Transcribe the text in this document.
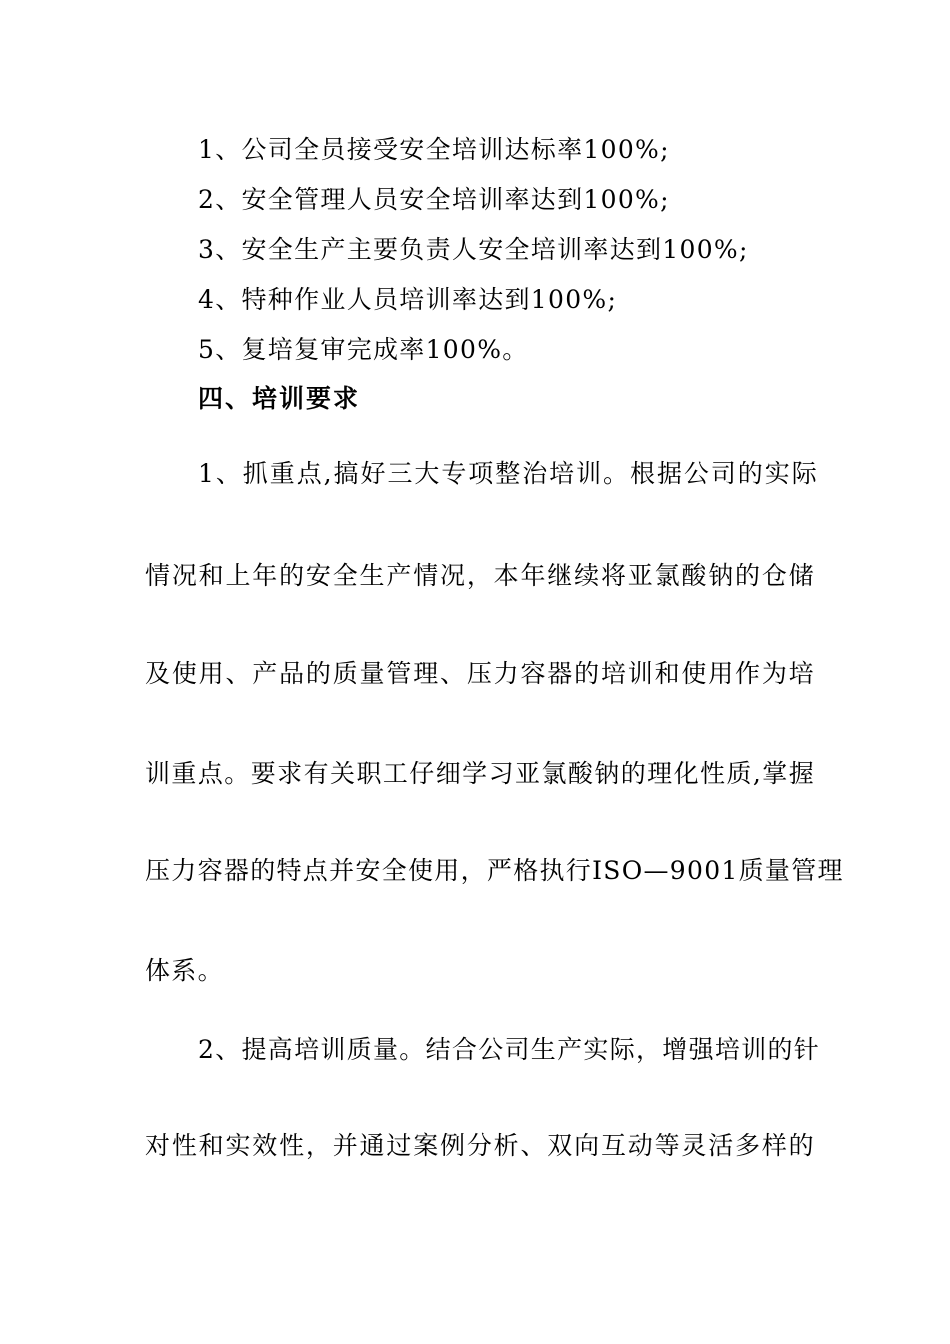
1、公司全员接受安全培训达标率100%;
2、安全管理人员安全培训率达到100%;
3、安全生产主要负责人安全培训率达到100%;
4、特种作业人员培训率达到100%;
5、复培复审完成率100%。
四、培训要求
1、抓重点,搞好三大专项整治培训。根据公司的实际
情况和上年的安全生产情况，本年继续将亚氯酸钠的仓储
及使用、产品的质量管理、压力容器的培训和使用作为培
训重点。要求有关职工仔细学习亚氯酸钠的理化性质,掌握
压力容器的特点并安全使用，严格执行ISO—9001质量管理
体系。
2、提高培训质量。结合公司生产实际，增强培训的针
对性和实效性，并通过案例分析、双向互动等灵活多样的
